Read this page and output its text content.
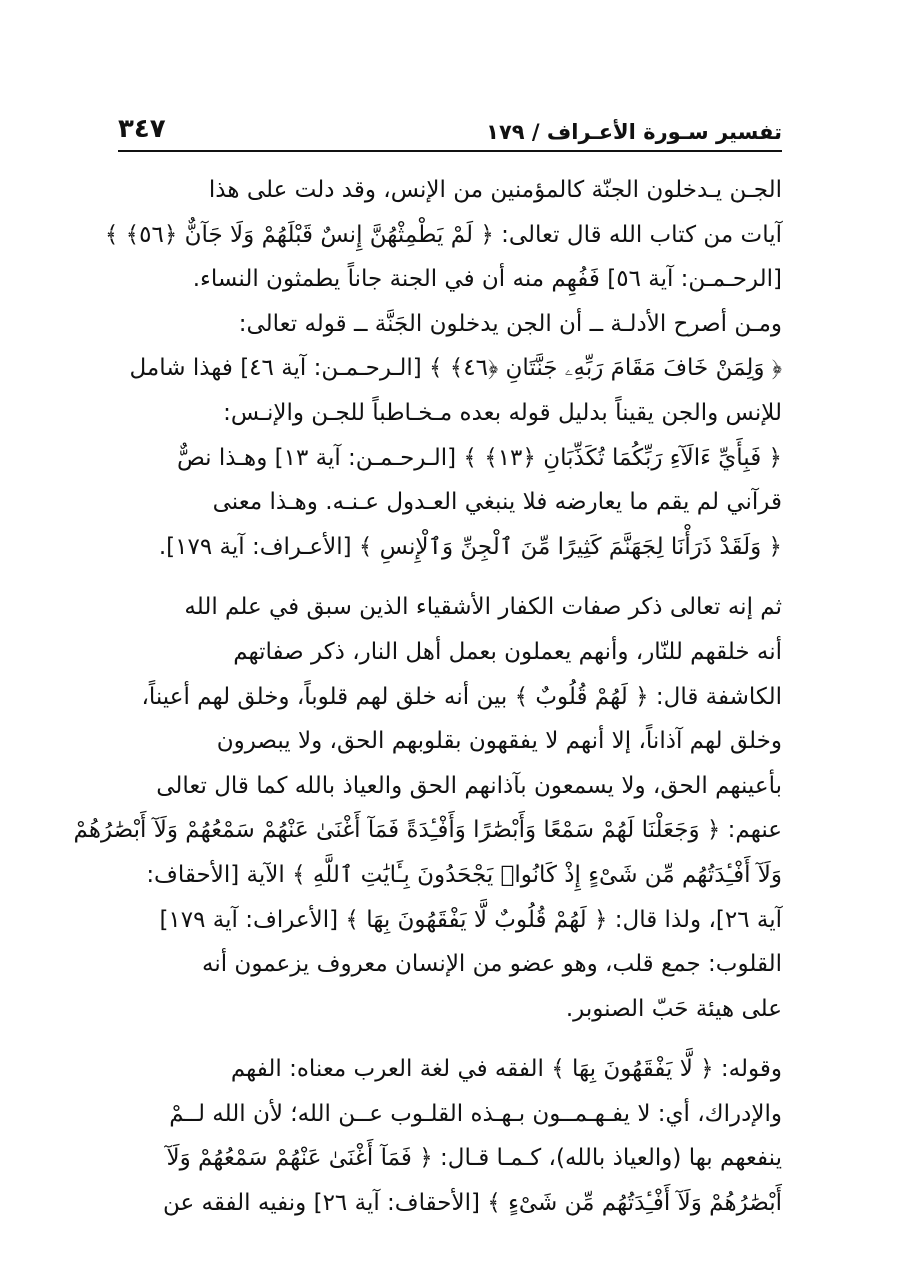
تفسير سـورة الأعـراف / ١٧٩
٣٤٧

الجـن يـدخلون الجنّة كالمؤمنين من الإنس، وقد دلت على هذا
آيات من كتاب الله قال تعالى: ﴿ لَمْ يَطْمِثْهُنَّ إِنسٌ قَبْلَهُمْ وَلَا جَآنٌّ ﴿٥٦﴾ ﴾
[الرحـمـن: آية ٥٦] فَفُهِم منه أن في الجنة جاناً يطمثون النساء.
ومـن أصرح الأدلـة ــ أن الجن يدخلون الجَنَّة ــ قوله تعالى:
﴿ وَلِمَنْ خَافَ مَقَامَ رَبِّهِۦ جَنَّتَانِ ﴿٤٦﴾ ﴾ [الـرحـمـن: آية ٤٦] فهذا شامل
للإنس والجن يقيناً بدليل قوله بعده مـخـاطباً للجـن والإنـس:
﴿ فَبِأَيِّ ءَالَآءِ رَبِّكُمَا تُكَذِّبَانِ ﴿١٣﴾ ﴾ [الـرحـمـن: آية ١٣] وهـذا نصٌّ
قرآني لم يقم ما يعارضه فلا ينبغي العـدول عـنـه. وهـذا معنى
﴿ وَلَقَدْ ذَرَأْنَا لِجَهَنَّمَ كَثِيرًا مِّنَ ٱلْجِنِّ وَٱلْإِنسِ ﴾ [الأعـراف: آية ١٧٩].

ثم إنه تعالى ذكر صفات الكفار الأشقياء الذين سبق في علم الله
أنه خلقهم للنّار، وأنهم يعملون بعمل أهل النار، ذكر صفاتهم
الكاشفة قال: ﴿ لَهُمْ قُلُوبٌ ﴾ بين أنه خلق لهم قلوباً، وخلق لهم أعيناً،
وخلق لهم آذاناً، إلا أنهم لا يفقهون بقلوبهم الحق، ولا يبصرون
بأعينهم الحق، ولا يسمعون بآذانهم الحق والعياذ بالله كما قال تعالى
عنهم: ﴿ وَجَعَلْنَا لَهُمْ سَمْعًا وَأَبْصَٰرًا وَأَفْـِٔدَةً فَمَآ أَغْنَىٰ عَنْهُمْ سَمْعُهُمْ وَلَآ أَبْصَٰرُهُمْ
وَلَآ أَفْـِٔدَتُهُم مِّن شَىْءٍ إِذْ كَانُوا۟ يَجْحَدُونَ بِـَٔايَٰتِ ٱللَّهِ ﴾ الآية [الأحقاف:
آية ٢٦]، ولذا قال: ﴿ لَهُمْ قُلُوبٌ لَّا يَفْقَهُونَ بِهَا ﴾ [الأعراف: آية ١٧٩]
القلوب: جمع قلب، وهو عضو من الإنسان معروف يزعمون أنه
على هيئة حَبّ الصنوبر.

وقوله: ﴿ لَّا يَفْقَهُونَ بِهَا ﴾ الفقه في لغة العرب معناه: الفهم
والإدراك، أي: لا يفـهـمــون بـهـذه القلـوب عــن الله؛ لأن الله لــمْ
ينفعهم بها (والعياذ بالله)، كـمـا قـال: ﴿ فَمَآ أَغْنَىٰ عَنْهُمْ سَمْعُهُمْ وَلَآ
أَبْصَٰرُهُمْ وَلَآ أَفْـِٔدَتُهُم مِّن شَىْءٍ ﴾ [الأحقاف: آية ٢٦] ونفيه الفقه عن
